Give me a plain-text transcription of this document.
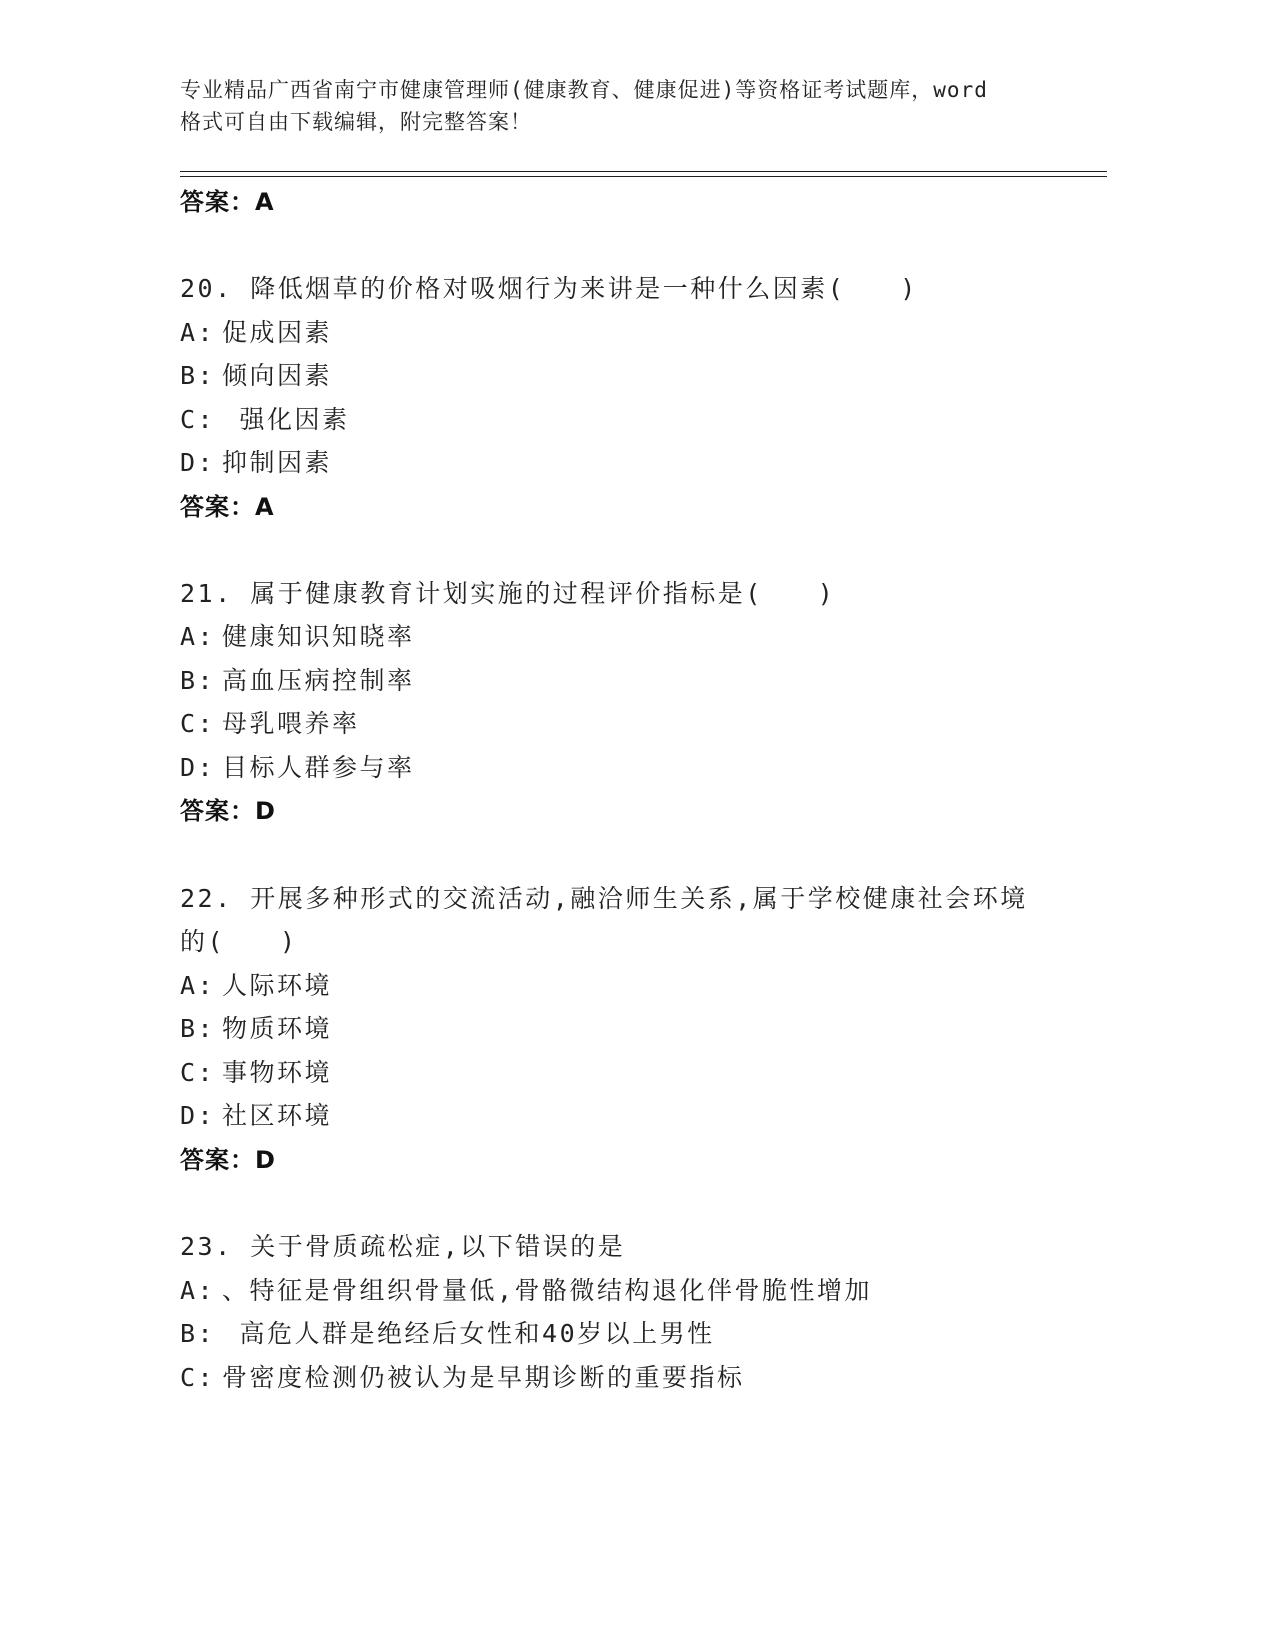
专业精品广西省南宁市健康管理师(健康教育、健康促进)等资格证考试题库，word
格式可自由下载编辑，附完整答案！
答案：A
20. 降低烟草的价格对吸烟行为来讲是一种什么因素(　　)
A: 促成因素
B: 倾向因素
C: 强化因素
D: 抑制因素
答案：A
21. 属于健康教育计划实施的过程评价指标是(　　)
A: 健康知识知晓率
B: 高血压病控制率
C: 母乳喂养率
D: 目标人群参与率
答案：D
22. 开展多种形式的交流活动,融洽师生关系,属于学校健康社会环境
的(　　)
A: 人际环境
B: 物质环境
C: 事物环境
D: 社区环境
答案：D
23. 关于骨质疏松症,以下错误的是
A: 、特征是骨组织骨量低,骨骼微结构退化伴骨脆性增加
B: 高危人群是绝经后女性和40岁以上男性
C: 骨密度检测仍被认为是早期诊断的重要指标
